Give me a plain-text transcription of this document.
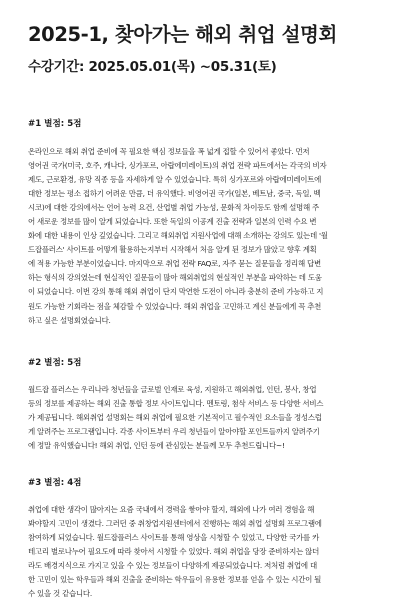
2025-1, 찾아가는 해외 취업 설명회
수강기간: 2025.05.01(목) ~05.31(토)

#1 별점: 5점

온라인으로 해외 취업 준비에 꼭 필요한 핵심 정보들을 폭 넓게 접할 수 있어서 좋았다. 먼저
영어권 국가(미국, 호주, 캐나다, 싱가포르, 아랍에미레이트)의 취업 전략 파트에서는 각국의 비자
제도, 근로환경, 유망 직종 등을 자세하게 알 수 있었습니다. 특히 싱가포르와 아랍에미레이트에
대한 정보는 평소 접하기 어려운 만큼, 더 유익했다. 비영어권 국가(일본, 베트남, 중국, 독일, 벡
시코)에 대한 강의에서는 언어 능력 요건, 산업별 취업 가능성, 문화적 차이등도 함께 설명해 주
어 새로운 정보를 많이 알게 되었습니다. 또한 독일의 이공계 진출 전략과 일본의 인력 수요 변
화에 대한 내용이 인상 깊었습니다. 그리고 해외취업 지원사업에 대해 소개하는 강의도 있는데 '월
드잡플러스' 사이트를 어떻게 활용하는지부터 시작해서 처음 알게 된 정보가 많았고 향후 계획
에 적용 가능한 부분이었습니다. 마지막으로 취업 전략 FAQ로, 자주 묻는 질문들을 정리해 답변
하는 형식의 강의였는데 현실적인 질문들이 많아 해외취업의 현실적인 부분을 파악하는 데 도움
이 되었습니다. 이번 강의 통해 해외 취업이 단지 막연한 도전이 아니라 충분히 준비 가능하고 지
원도 가능한 기회라는 점을 체감할 수 있었습니다. 해외 취업을 고민하고 계신 분들에게 꼭 추천
하고 싶은 설명회였습니다.

#2 별점: 5점

월드잡 플러스는 우리나라 청년들을 글로벌 인재로 육성, 지원하고 해외취업, 인턴, 봉사, 창업
등의 정보를 제공하는 해외 진출 통합 정보 사이트입니다. 멘토링, 첨삭 서비스 등 다양한 서비스
가 제공됩니다. 해외취업 설명회는 해외 취업에 필요한 기본적이고 필수적인 요소들을 정성스럽
게 알려주는 프로그램입니다. 각종 사이트부터 우리 청년들이 알아야할 포인트들까지 알려주기
에 정말 유익했습니다! 해외 취업, 인턴 등에 관심있는 분들께 모두 추천드립니다~!

#3 별점: 4점

취업에 대한 생각이 많아지는 요즘 국내에서 경력을 쌓아야 할지, 해외에 나가 여러 경험을 해
봐야할지 고민이 생겼다. 그러던 중 취창업지원센터에서 진행하는 해외 취업 설명회 프로그램에
참여하게 되었습니다. 월드잡플러스 사이트를 통해 영상을 시청할 수 있었고, 다양한 국가를 카
테고리 별로나누어 필요도에 따라 찾아서 시청할 수 있었다. 해외 취업을 당장 준비하지는 않더
라도 배경지식으로 가지고 있을 수 있는 정보들이 다양하게 제공되었습니다. 저처럼 취업에 대
한 고민이 있는 학우들과 해외 진출을 준비하는 학우들이 유용한 정보를 얻을 수 있는 시간이 될
수 있을 것 같습니다.
